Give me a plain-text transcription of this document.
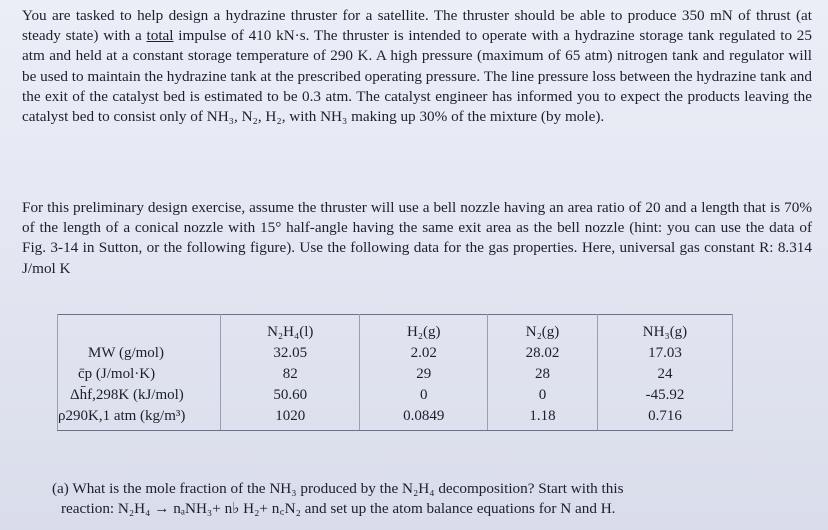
You are tasked to help design a hydrazine thruster for a satellite. The thruster should be able to produce 350 mN of thrust (at steady state) with a total impulse of 410 kN·s. The thruster is intended to operate with a hydrazine storage tank regulated to 25 atm and held at a constant storage temperature of 290 K. A high pressure (maximum of 65 atm) nitrogen tank and regulator will be used to maintain the hydrazine tank at the prescribed operating pressure. The line pressure loss between the hydrazine tank and the exit of the catalyst bed is estimated to be 0.3 atm. The catalyst engineer has informed you to expect the products leaving the catalyst bed to consist only of NH₃, N₂, H₂, with NH₃ making up 30% of the mixture (by mole).

For this preliminary design exercise, assume the thruster will use a bell nozzle having an area ratio of 20 and a length that is 70% of the length of a conical nozzle with 15° half-angle having the same exit area as the bell nozzle (hint: you can use the data of Fig. 3-14 in Sutton, or the following figure). Use the following data for the gas properties. Here, universal gas constant R: 8.314 J/mol K

	N₂H₄(l)	H₂(g)	N₂(g)	NH₃(g)
MW (g/mol)	32.05	2.02	28.02	17.03
c̄p (J/mol·K)	82	29	28	24
Δh̄f,298K (kJ/mol)	50.60	0	0	-45.92
ρ290K,1 atm (kg/m³)	1020	0.0849	1.18	0.716

(a) What is the mole fraction of the NH₃ produced by the N₂H₄ decomposition? Start with this
reaction: N₂H₄ → nₐNH₃+ n♭ H₂+ n꜀N₂ and set up the atom balance equations for N and H.
